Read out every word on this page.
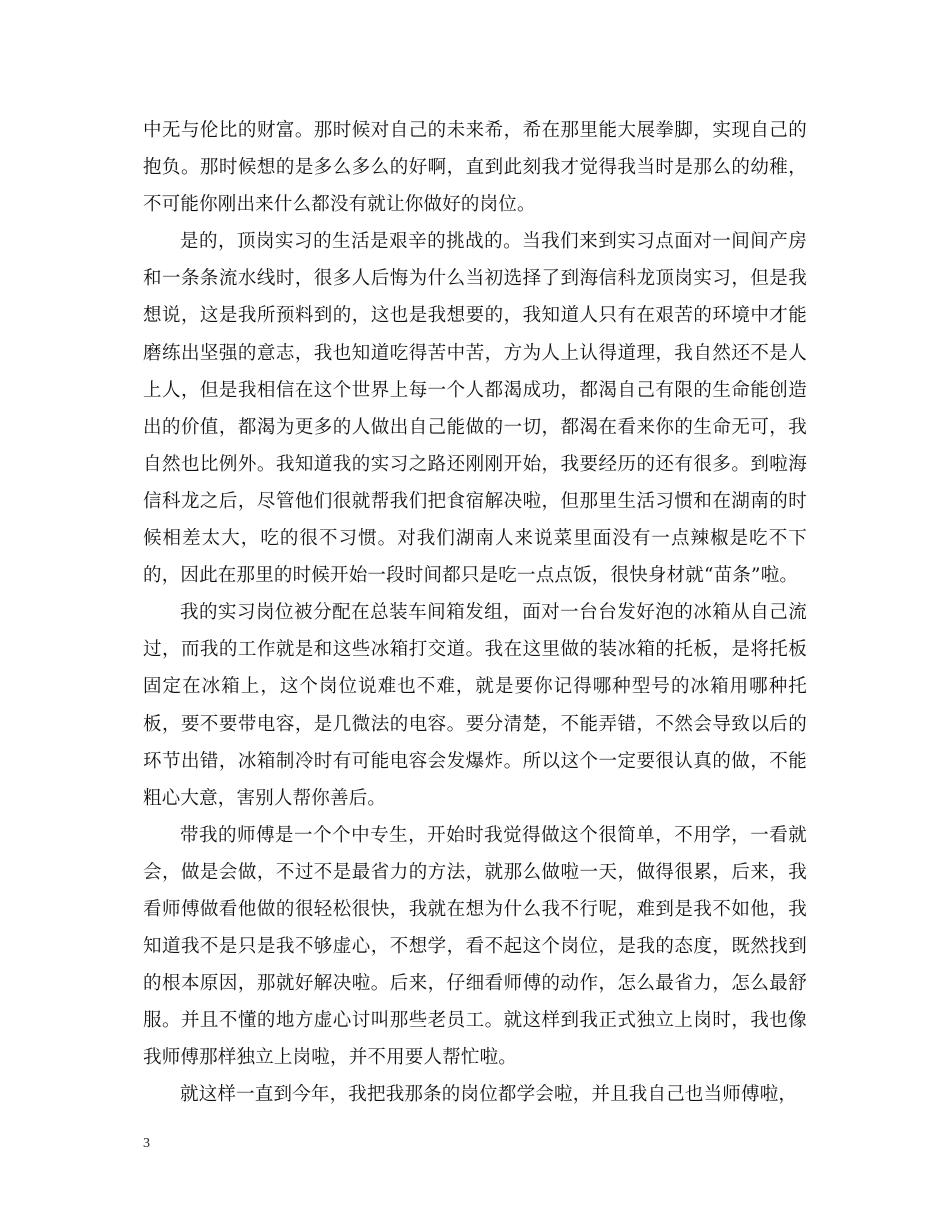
中无与伦比的财富。那时候对自己的未来希，希在那里能大展拳脚，实现自己的抱负。那时候想的是多么多么的好啊，直到此刻我才觉得我当时是那么的幼稚，不可能你刚出来什么都没有就让你做好的岗位。

是的，顶岗实习的生活是艰辛的挑战的。当我们来到实习点面对一间间产房和一条条流水线时，很多人后悔为什么当初选择了到海信科龙顶岗实习，但是我想说，这是我所预料到的，这也是我想要的，我知道人只有在艰苦的环境中才能磨练出坚强的意志，我也知道吃得苦中苦，方为人上认得道理，我自然还不是人上人，但是我相信在这个世界上每一个人都渴成功，都渴自己有限的生命能创造出的价值，都渴为更多的人做出自己能做的一切，都渴在看来你的生命无可，我自然也比例外。我知道我的实习之路还刚刚开始，我要经历的还有很多。到啦海信科龙之后，尽管他们很就帮我们把食宿解决啦，但那里生活习惯和在湖南的时候相差太大，吃的很不习惯。对我们湖南人来说菜里面没有一点辣椒是吃不下的，因此在那里的时候开始一段时间都只是吃一点点饭，很快身材就“苗条”啦。

我的实习岗位被分配在总装车间箱发组，面对一台台发好泡的冰箱从自己流过，而我的工作就是和这些冰箱打交道。我在这里做的装冰箱的托板，是将托板固定在冰箱上，这个岗位说难也不难，就是要你记得哪种型号的冰箱用哪种托板，要不要带电容，是几微法的电容。要分清楚，不能弄错，不然会导致以后的环节出错，冰箱制冷时有可能电容会发爆炸。所以这个一定要很认真的做，不能粗心大意，害别人帮你善后。

带我的师傅是一个个中专生，开始时我觉得做这个很简单，不用学，一看就会，做是会做，不过不是最省力的方法，就那么做啦一天，做得很累，后来，我看师傅做看他做的很轻松很快，我就在想为什么我不行呢，难到是我不如他，我知道我不是只是我不够虚心，不想学，看不起这个岗位，是我的态度，既然找到的根本原因，那就好解决啦。后来，仔细看师傅的动作，怎么最省力，怎么最舒服。并且不懂的地方虚心讨叫那些老员工。就这样到我正式独立上岗时，我也像我师傅那样独立上岗啦，并不用要人帮忙啦。

就这样一直到今年，我把我那条的岗位都学会啦，并且我自己也当师傅啦，

3
